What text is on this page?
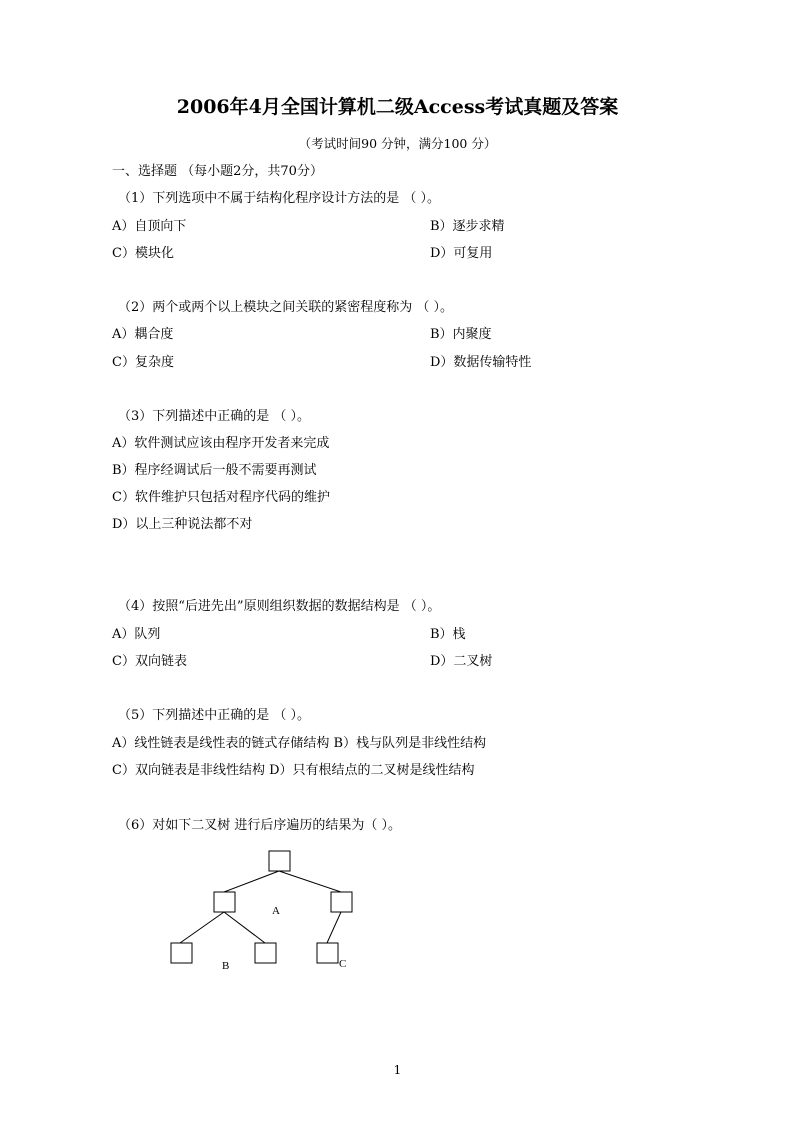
2006年4月全国计算机二级Access考试真题及答案
（考试时间90 分钟，满分100 分）
一、选择题 （每小题2分，共70分）
（1）下列选项中不属于结构化程序设计方法的是 （ ）。
A）自顶向下	B）逐步求精
C）模块化	D）可复用
（2）两个或两个以上模块之间关联的紧密程度称为 （ ）。
A）耦合度	B）内聚度
C）复杂度	D）数据传输特性
（3）下列描述中正确的是 （ ）。
A）软件测试应该由程序开发者来完成
B）程序经调试后一般不需要再测试
C）软件维护只包括对程序代码的维护
D）以上三种说法都不对
（4）按照“后进先出”原则组织数据的数据结构是 （ ）。
A）队列	B）栈
C）双向链表	D）二叉树
（5）下列描述中正确的是 （ ）。
A）线性链表是线性表的链式存储结构 B）栈与队列是非线性结构
C）双向链表是非线性结构 D）只有根结点的二叉树是线性结构
（6）对如下二叉树 进行后序遍历的结果为（ ）。
A
B	C
1
